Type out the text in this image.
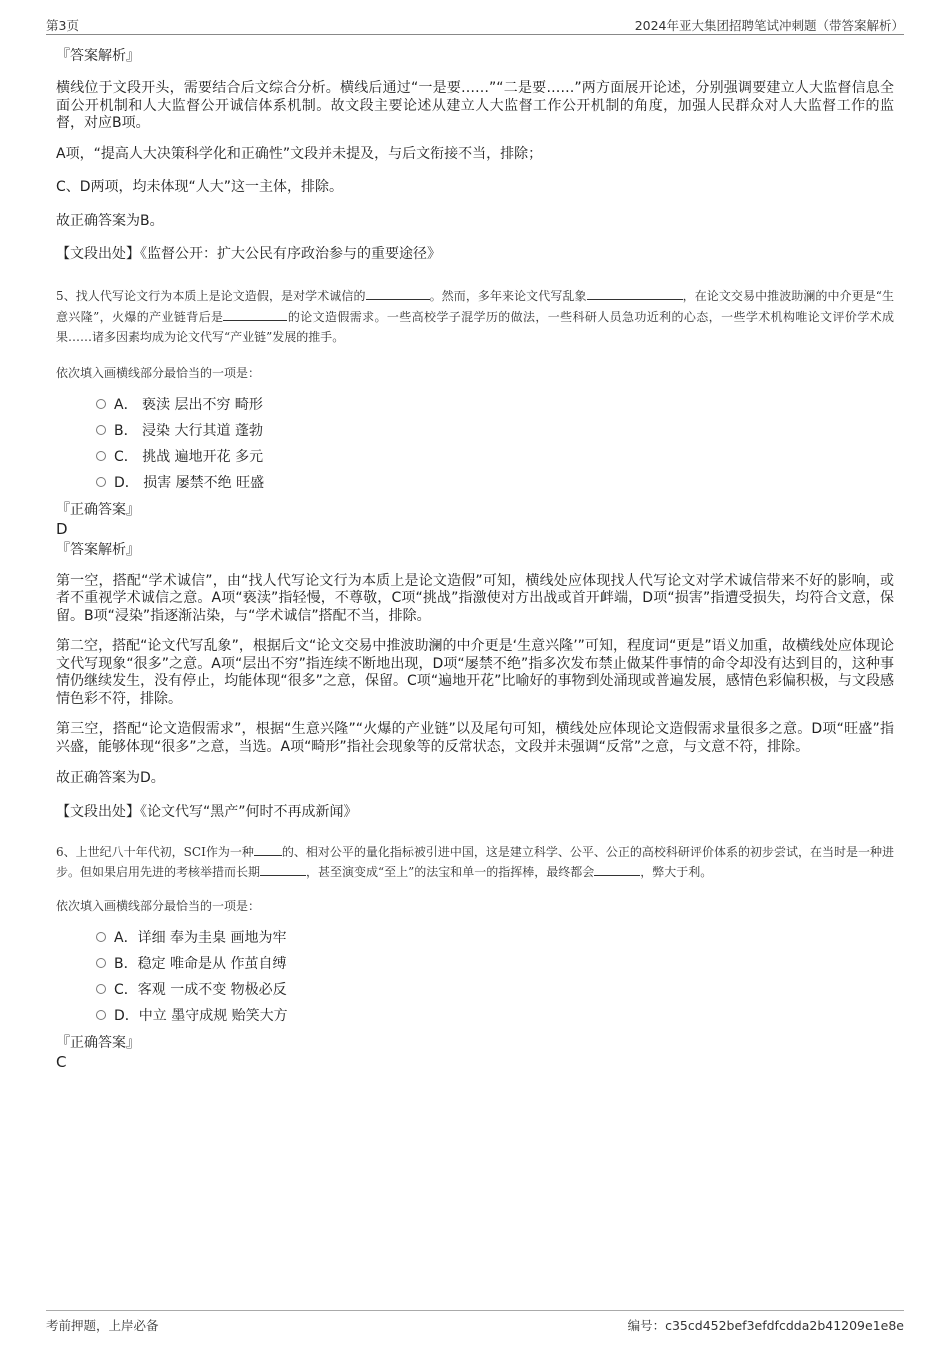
第3页	2024年亚大集团招聘笔试冲刺题（带答案解析）

『答案解析』

横线位于文段开头，需要结合后文综合分析。横线后通过“一是要……”“二是要……”两方面展开论述，分别强调要建立人大监督信息全面公开机制和人大监督公开诚信体系机制。故文段主要论述从建立人大监督工作公开机制的角度，加强人民群众对人大监督工作的监督，对应B项。

A项，“提高人大决策科学化和正确性”文段并未提及，与后文衔接不当，排除；

C、D两项，均未体现“人大”这一主体，排除。

故正确答案为B。

【文段出处】《监督公开：扩大公民有序政治参与的重要途径》

5、找人代写论文行为本质上是论文造假，是对学术诚信的	。然而，多年来论文代写乱象	，在论文交易中推波助澜的中介更是“生意兴隆”，火爆的产业链背后是	的论文造假需求。一些高校学子混学历的做法，一些科研人员急功近利的心态，一些学术机构唯论文评价学术成果……诸多因素均成为论文代写“产业链”发展的推手。

依次填入画横线部分最恰当的一项是：

A． 亵渎 层出不穷 畸形
B． 浸染 大行其道 蓬勃
C． 挑战 遍地开花 多元
D． 损害 屡禁不绝 旺盛

『正确答案』

D

『答案解析』

第一空，搭配“学术诚信”，由“找人代写论文行为本质上是论文造假”可知，横线处应体现找人代写论文对学术诚信带来不好的影响，或者不重视学术诚信之意。A项“亵渎”指轻慢，不尊敬，C项“挑战”指激使对方出战或首开衅端，D项“损害”指遭受损失，均符合文意，保留。B项“浸染”指逐渐沾染，与“学术诚信”搭配不当，排除。

第二空，搭配“论文代写乱象”，根据后文“论文交易中推波助澜的中介更是‘生意兴隆’”可知，程度词“更是”语义加重，故横线处应体现论文代写现象“很多”之意。A项“层出不穷”指连续不断地出现，D项“屡禁不绝”指多次发布禁止做某件事情的命令却没有达到目的，这种事情仍继续发生，没有停止，均能体现“很多”之意，保留。C项“遍地开花”比喻好的事物到处涌现或普遍发展，感情色彩偏积极，与文段感情色彩不符，排除。

第三空，搭配“论文造假需求”，根据“生意兴隆”“火爆的产业链”以及尾句可知，横线处应体现论文造假需求量很多之意。D项“旺盛”指兴盛，能够体现“很多”之意，当选。A项“畸形”指社会现象等的反常状态，文段并未强调“反常”之意，与文意不符，排除。

故正确答案为D。

【文段出处】《论文代写“黑产”何时不再成新闻》

6、上世纪八十年代初，SCI作为一种 的、相对公平的量化指标被引进中国，这是建立科学、公平、公正的高校科研评价体系的初步尝试，在当时是一种进步。但如果启用先进的考核举措而长期	，甚至演变成“至上”的法宝和单一的指挥棒，最终都会	，弊大于利。

依次填入画横线部分最恰当的一项是：

A．详细 奉为圭臬 画地为牢
B．稳定 唯命是从 作茧自缚
C．客观 一成不变 物极必反
D．中立 墨守成规 贻笑大方

『正确答案』

C

考前押题，上岸必备	编号：c35cd452bef3efdfcdda2b41209e1e8e
